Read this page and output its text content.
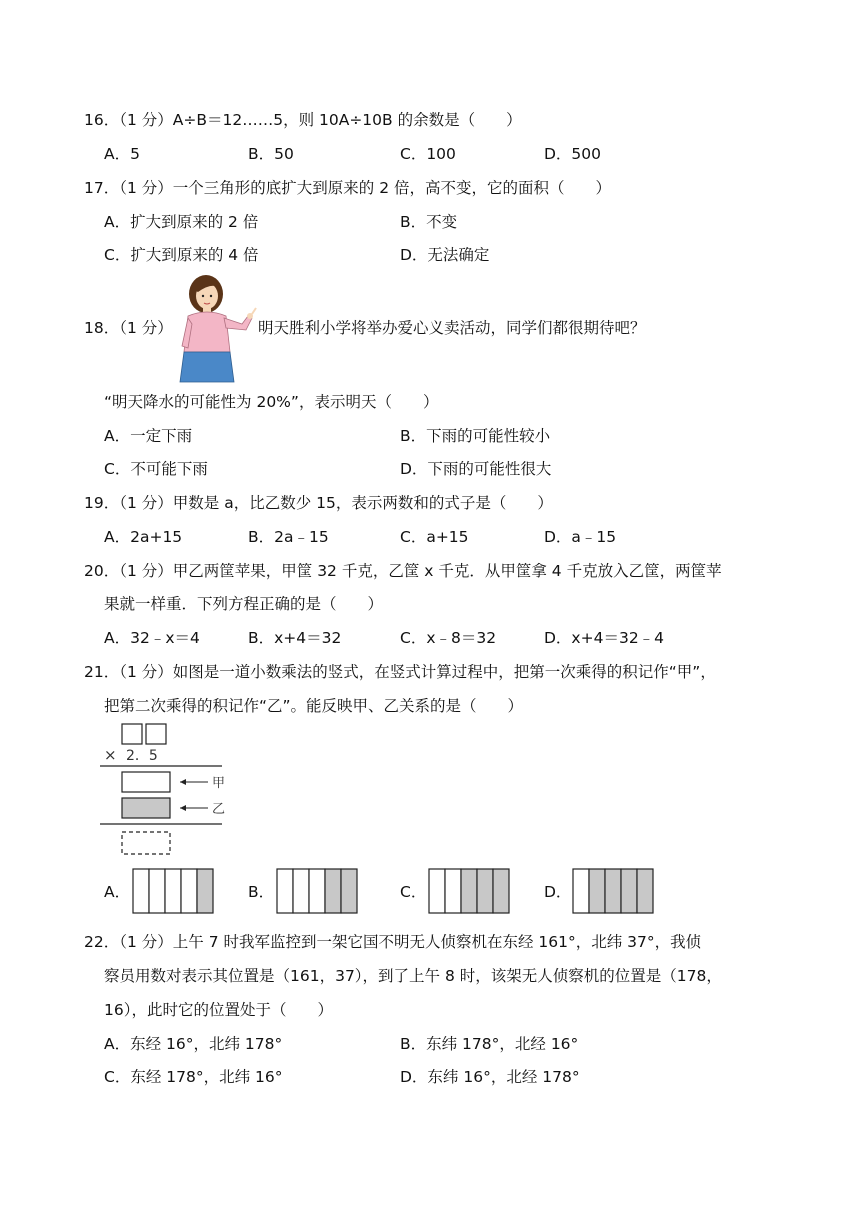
16．（1 分）A÷B＝12……5，则 10A÷10B 的余数是（　　）
A．5	B．50	C．100	D．500
17．（1 分）一个三角形的底扩大到原来的 2 倍，高不变，它的面积（　　）
A．扩大到原来的 2 倍	B．不变
C．扩大到原来的 4 倍	D．无法确定
18．（1 分）	明天胜利小学将举办爱心义卖活动，同学们都很期待吧？
“明天降水的可能性为 20%”，表示明天（　　）
A．一定下雨	B．下雨的可能性较小
C．不可能下雨	D．下雨的可能性很大
19．（1 分）甲数是 a，比乙数少 15，表示两数和的式子是（　　）
A．2a+15	B．2a﹣15	C．a+15	D．a﹣15
20．（1 分）甲乙两筐苹果，甲筐 32 千克，乙筐 x 千克．从甲筐拿 4 千克放入乙筐，两筐苹
果就一样重．下列方程正确的是（　　）
A．32﹣x＝4	B．x+4＝32	C．x﹣8＝32	D．x+4＝32﹣4
21．（1 分）如图是一道小数乘法的竖式，在竖式计算过程中，把第一次乘得的积记作“甲”，
把第二次乘得的积记作“乙”。能反映甲、乙关系的是（　　）
× 2．5
甲
乙
A．	B．	C．	D．
22．（1 分）上午 7 时我军监控到一架它国不明无人侦察机在东经 161°，北纬 37°，我侦
察员用数对表示其位置是（161，37），到了上午 8 时，该架无人侦察机的位置是（178，
16），此时它的位置处于（　　）
A．东经 16°，北纬 178°	B．东纬 178°，北经 16°
C．东经 178°，北纬 16°	D．东纬 16°，北经 178°
